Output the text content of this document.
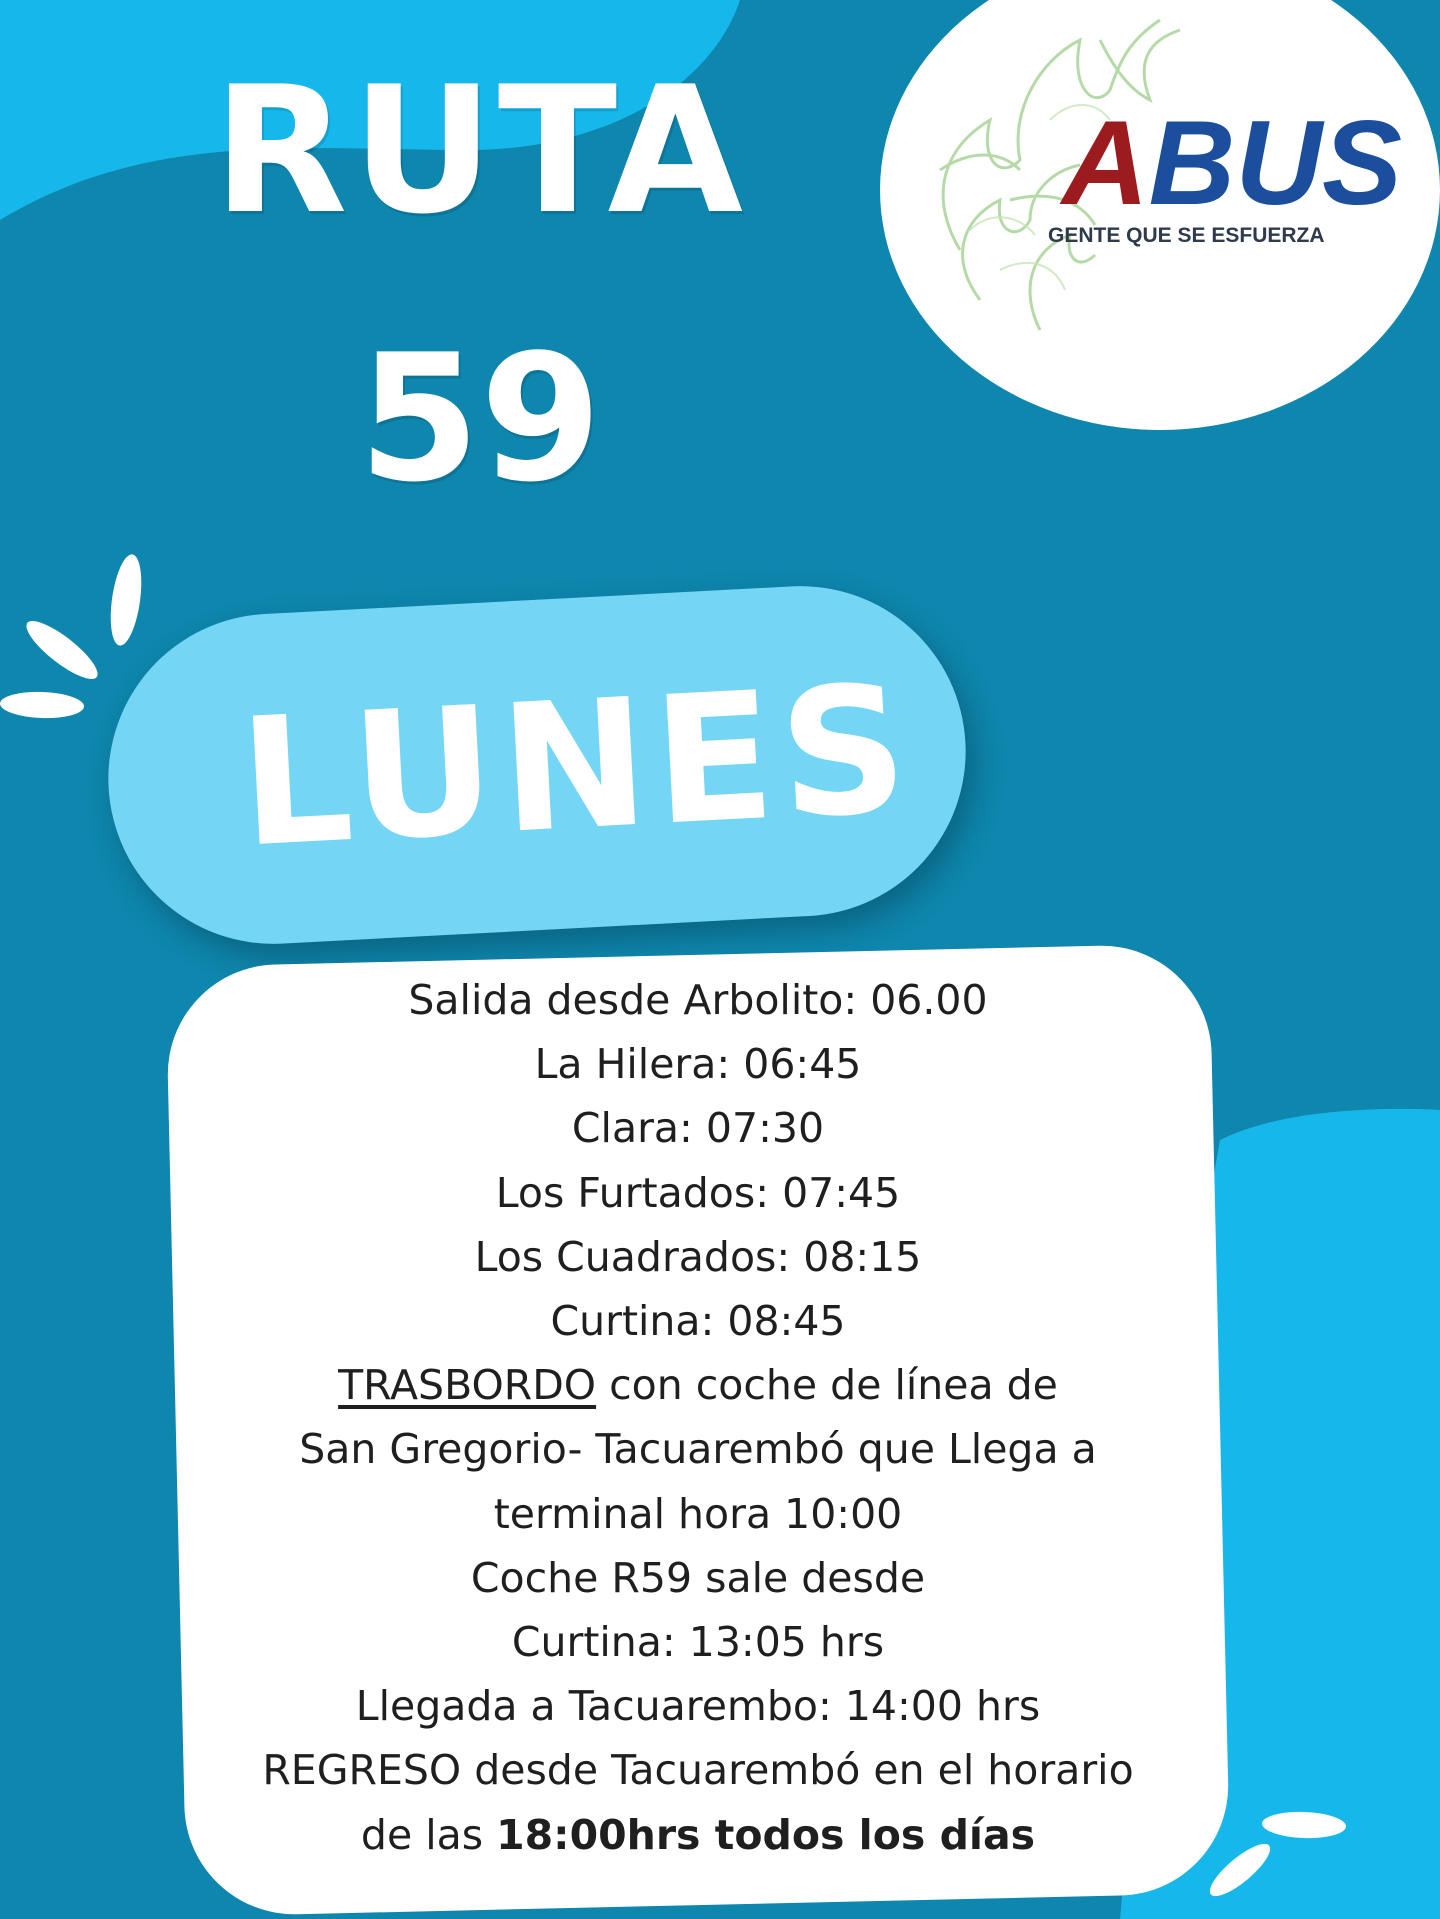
RUTA
59
ABUS
GENTE QUE SE ESFUERZA
LUNES
Salida desde Arbolito: 06.00
La Hilera: 06:45
Clara: 07:30
Los Furtados: 07:45
Los Cuadrados: 08:15
Curtina: 08:45
TRASBORDO con coche de línea de
San Gregorio- Tacuarembó que Llega a
terminal hora 10:00
Coche R59 sale desde
Curtina: 13:05 hrs
Llegada a Tacuarembo: 14:00 hrs
REGRESO desde Tacuarembó en el horario
de las 18:00hrs todos los días
